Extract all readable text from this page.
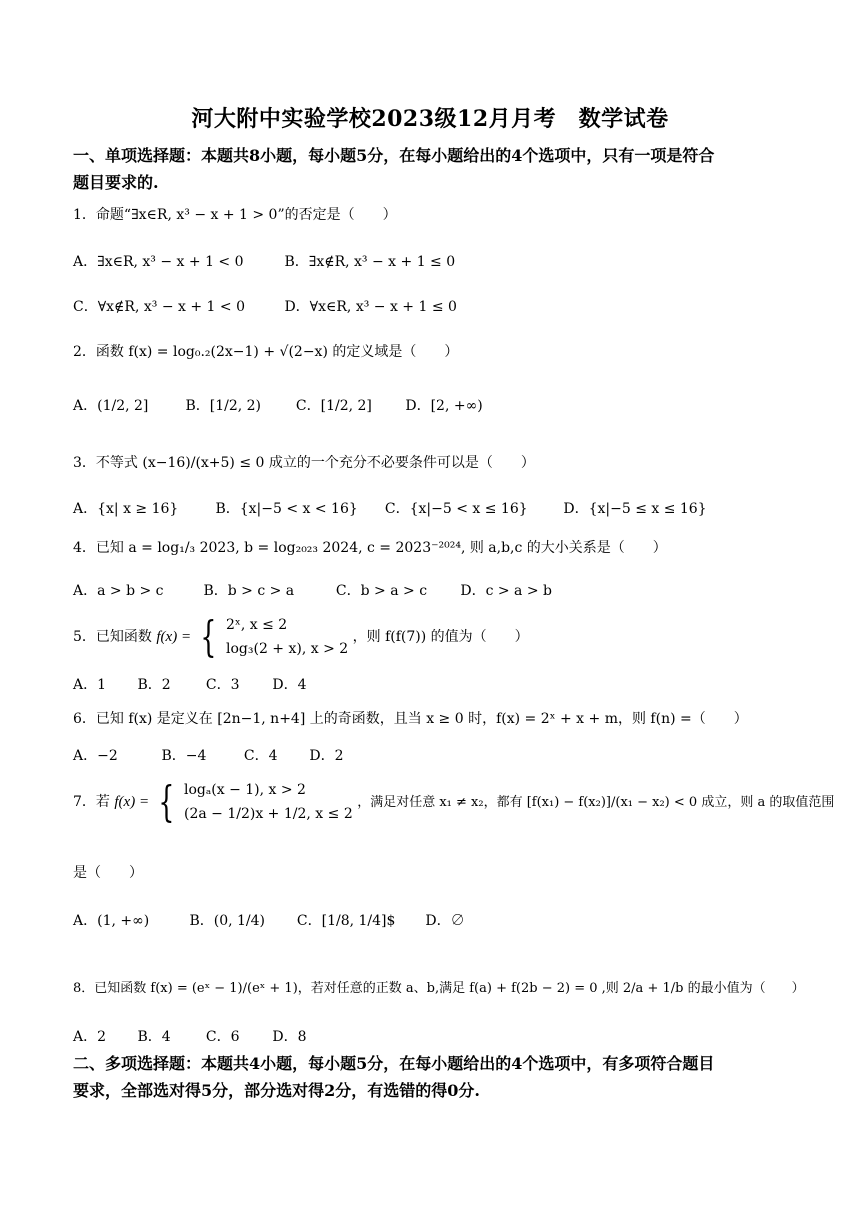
河大附中实验学校2023级12月月考　数学试卷
一、单项选择题：本题共8小题，每小题5分，在每小题给出的4个选项中，只有一项是符合
题目要求的.
1．命题“∃x∈R, x³ − x + 1 > 0”的否定是（　　）
A．∃x∈R, x³ − x + 1 < 0	B．∃x∉R, x³ − x + 1 ≤ 0
C．∀x∉R, x³ − x + 1 < 0	D．∀x∈R, x³ − x + 1 ≤ 0
2．函数 f(x) = log₀.₂(2x−1) + √(2−x) 的定义域是（　　）
A．(1/2, 2]	B．[1/2, 2) C．[1/2, 2] D．[2, +∞)
3．不等式 (x−16)/(x+5) ≤ 0 成立的一个充分不必要条件可以是（　　）
A．{x| x ≥ 16}	B．{x|−5 < x < 16} C．{x|−5 < x ≤ 16}	D．{x|−5 ≤ x ≤ 16}
4．已知 a = log₁/₃ 2023, b = log₂₀₂₃ 2024, c = 2023⁻²⁰²⁴, 则 a,b,c 的大小关系是（　　）
A．a > b > c	B．b > c > a	C．b > a > c D．c > a > b
5．已知函数 f(x) = { 2ˣ, x ≤ 2
log₃(2 + x), x > 2
，则 f(f(7)) 的值为（　　）
A．1 B．2	C．3 D．4
6．已知 f(x) 是定义在 [2n−1, n+4] 上的奇函数，且当 x ≥ 0 时，f(x) = 2ˣ + x + m，则 f(n) =（　　）
A．−2	B．−4	C．4 D．2
7．若 f(x) = { logₐ(x − 1), x > 2
(2a − 1/2)x + 1/2, x ≤ 2
，满足对任意 x₁ ≠ x₂，都有 [f(x₁) − f(x₂)]/(x₁ − x₂) < 0 成立，则 a 的取值范围
是（　　）
A．(1, +∞)	B．(0, 1/4) C．[1/8, 1/4]$ D．∅
8．已知函数 f(x) = (eˣ − 1)/(eˣ + 1)，若对任意的正数 a、b,满足 f(a) + f(2b − 2) = 0 ,则 2/a + 1/b 的最小值为（　　）
A．2 B．4	C．6 D．8
二、多项选择题：本题共4小题，每小题5分，在每小题给出的4个选项中，有多项符合题目
要求，全部选对得5分，部分选对得2分，有选错的得0分.
